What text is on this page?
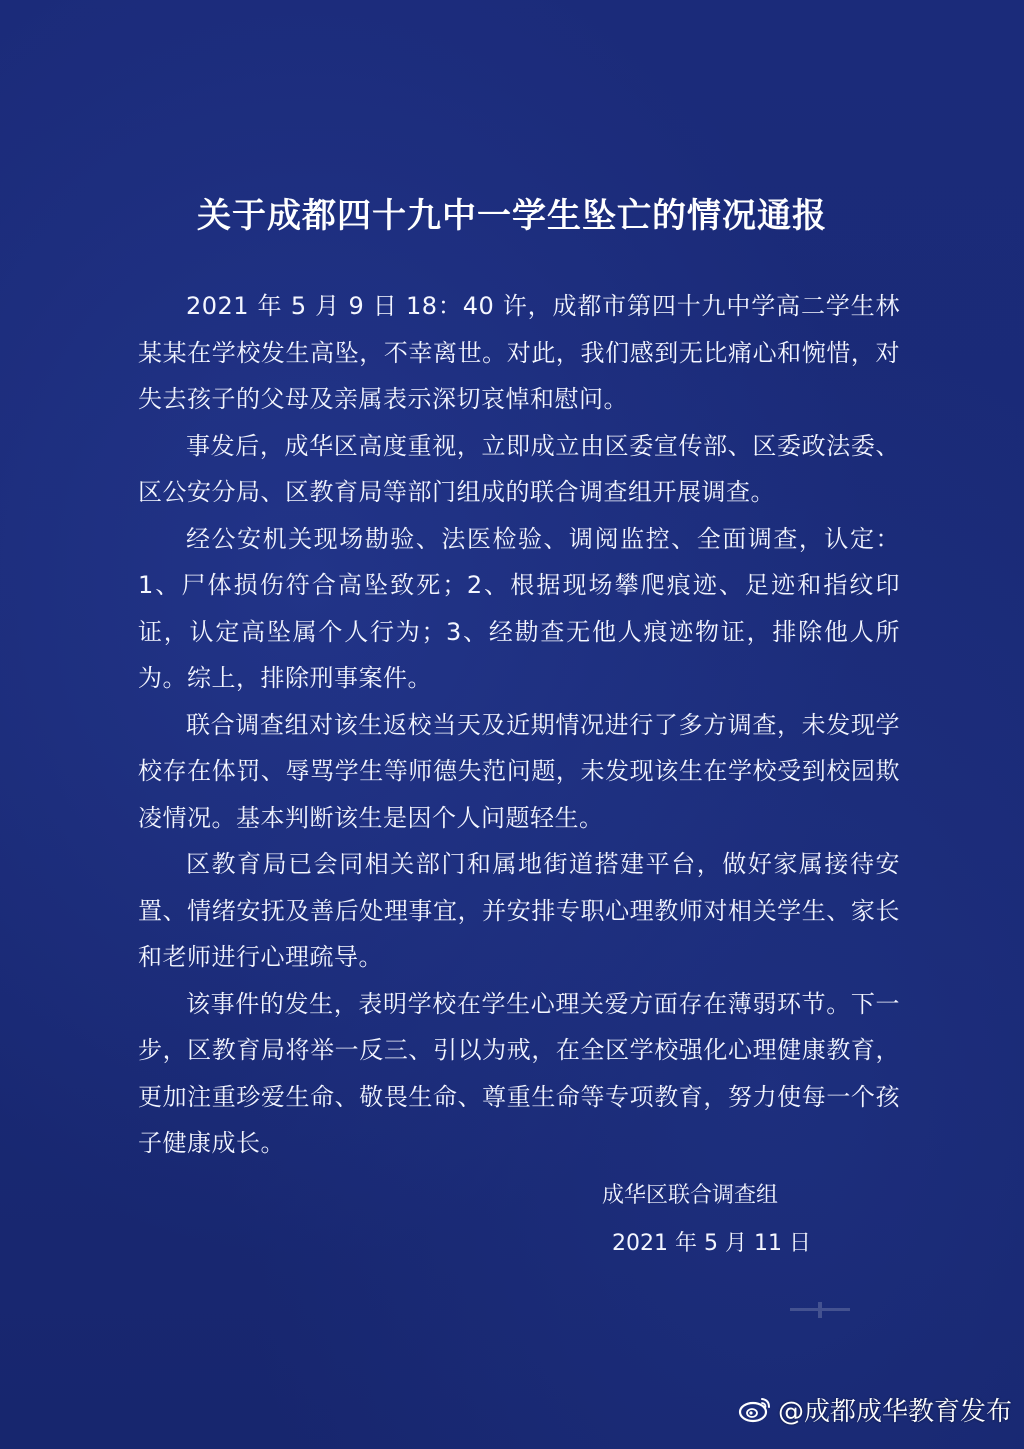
关于成都四十九中一学生坠亡的情况通报

2021 年 5 月 9 日 18：40 许，成都市第四十九中学高二学生林某某在学校发生高坠，不幸离世。对此，我们感到无比痛心和惋惜，对失去孩子的父母及亲属表示深切哀悼和慰问。

事发后，成华区高度重视，立即成立由区委宣传部、区委政法委、区公安分局、区教育局等部门组成的联合调查组开展调查。

经公安机关现场勘验、法医检验、调阅监控、全面调查，认定：1、尸体损伤符合高坠致死；2、根据现场攀爬痕迹、足迹和指纹印证，认定高坠属个人行为；3、经勘查无他人痕迹物证，排除他人所为。综上，排除刑事案件。

联合调查组对该生返校当天及近期情况进行了多方调查，未发现学校存在体罚、辱骂学生等师德失范问题，未发现该生在学校受到校园欺凌情况。基本判断该生是因个人问题轻生。

区教育局已会同相关部门和属地街道搭建平台，做好家属接待安置、情绪安抚及善后处理事宜，并安排专职心理教师对相关学生、家长和老师进行心理疏导。

该事件的发生，表明学校在学生心理关爱方面存在薄弱环节。下一步，区教育局将举一反三、引以为戒，在全区学校强化心理健康教育，更加注重珍爱生命、敬畏生命、尊重生命等专项教育，努力使每一个孩子健康成长。

成华区联合调查组
2021 年 5 月 11 日
@成都成华教育发布
